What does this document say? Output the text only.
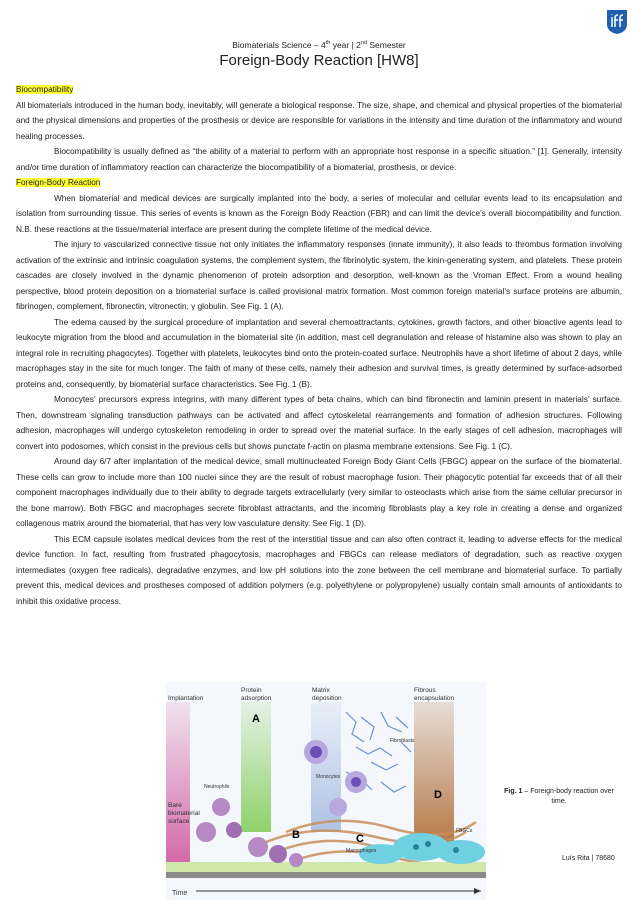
Biomaterials Science – 4th year | 2nd Semester
Foreign-Body Reaction [HW8]

Biocompatibility

All biomaterials introduced in the human body, inevitably, will generate a biological response. The size, shape, and chemical and physical properties of the biomaterial and the physical dimensions and properties of the prosthesis or device are responsible for variations in the intensity and time duration of the inflammatory and wound healing processes.

Biocompatibility is usually defined as “the ability of a material to perform with an appropriate host response in a specific situation.” [1]. Generally, intensity and/or time duration of inflammatory reaction can characterize the biocompatibility of a biomaterial, prosthesis, or device.

Foreign-Body Reaction

When biomaterial and medical devices are surgically implanted into the body, a series of molecular and cellular events lead to its encapsulation and isolation from surrounding tissue. This series of events is known as the Foreign Body Reaction (FBR) and can limit the device's overall biocompatibility and function. N.B. these reactions at the tissue/material interface are present during the complete lifetime of the medical device.

The injury to vascularized connective tissue not only initiates the inflammatory responses (innate immunity), it also leads to thrombus formation involving activation of the extrinsic and intrinsic coagulation systems, the complement system, the fibrinolytic system, the kinin-generating system, and platelets. These protein cascades are closely involved in the dynamic phenomenon of protein adsorption and desorption, well-known as the Vroman Effect. From a wound healing perspective, blood protein deposition on a biomaterial surface is called provisional matrix formation. Most common foreign material’s surface proteins are albumin, fibrinogen, complement, fibronectin, vitronectin, γ globulin. See Fig. 1 (A).

The edema caused by the surgical procedure of implantation and several chemoattractants, cytokines, growth factors, and other bioactive agents lead to leukocyte migration from the blood and accumulation in the biomaterial site (in addition, mast cell degranulation and release of histamine also was shown to play an integral role in recruiting phagocytes). Together with platelets, leukocytes bind onto the protein-coated surface. Neutrophils have a short lifetime of about 2 days, while macrophages stay in the site for much longer. The faith of many of these cells, namely their adhesion and survival times, is greatly determined by surface-adsorbed proteins and, consequently, by biomaterial surface characteristics. See Fig. 1 (B).

Monocytes’ precursors express integrins, with many different types of beta chains, which can bind fibronectin and laminin present in materials’ surface. Then, downstream signaling transduction pathways can be activated and affect cytoskeletal rearrangements and formation of adhesion structures. Following adhesion, macrophages will undergo cytoskeleton remodeling in order to spread over the material surface. In the early stages of cell adhesion, macrophages will convert into podosomes, which consist in the previous cells but shows punctate f-actin on plasma membrane extensions. See Fig. 1 (C).

Around day 6/7 after implantation of the medical device, small multinucleated Foreign Body Giant Cells (FBGC) appear on the surface of the biomaterial. These cells can grow to include more than 100 nuclei since they are the result of robust macrophage fusion. Their phagocytic potential far exceeds that of all their component macrophages individually due to their ability to degrade targets extracellularly (very similar to osteoclasts which arise from the same cellular precursor in the bone marrow). Both FBGC and macrophages secrete fibroblast attractants, and the incoming fibroblasts play a key role in creating a dense and organized collagenous matrix around the biomaterial, that has very low vasculature density. See Fig. 1 (D).

This ECM capsule isolates medical devices from the rest of the interstitial tissue and can also often contract it, leading to adverse effects for the medical device function. In fact, resulting from frustrated phagocytosis, macrophages and FBGCs can release mediators of degradation, such as reactive oxygen intermediates (oxygen free radicals), degradative enzymes, and low pH solutions into the zone between the cell membrane and biomaterial surface. To partially prevent this, medical devices and prostheses composed of addition polymers (e.g. polyethylene or polypropylene) usually contain small amounts of antioxidants to inhibit this oxidative process.

Implantation
Protein
adsorption
Matrix
deposition
Fibrous
encapsulation
A
B	C
D
Neutrophils
Monocytes
Fibroblasts
Macrophages
FBGCs
Bare
biomaterial
surface
Time
Fig. 1 – Foreign-body reaction over time.
Luís Rita | 78680
